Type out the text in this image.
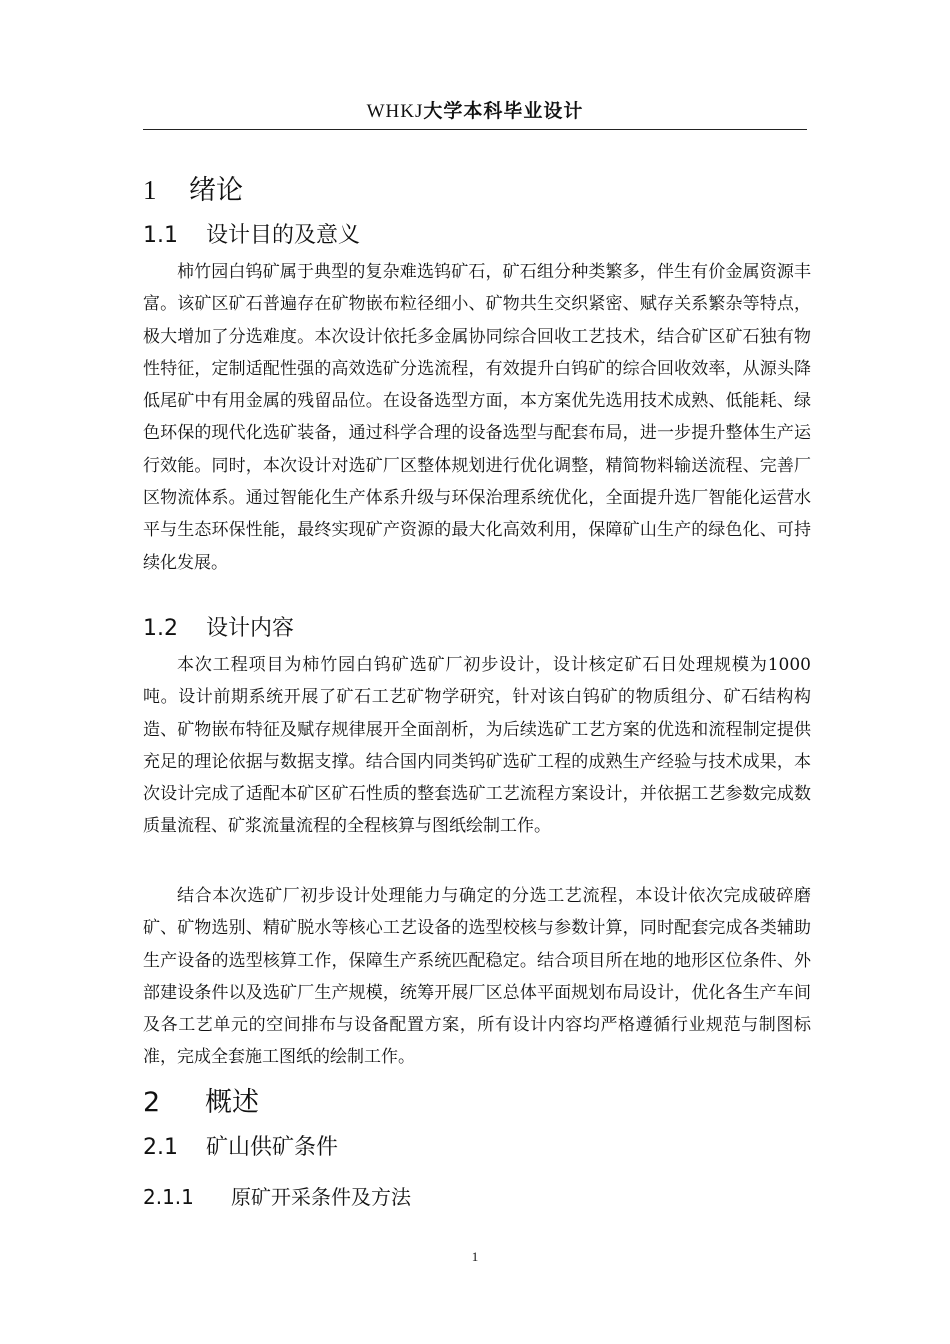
WHKJ大学本科毕业设计
1 绪论
1.1 设计目的及意义

柿竹园白钨矿属于典型的复杂难选钨矿石，矿石组分种类繁多，伴生有价金属资源丰富。该矿区矿石普遍存在矿物嵌布粒径细小、矿物共生交织紧密、赋存关系繁杂等特点，极大增加了分选难度。本次设计依托多金属协同综合回收工艺技术，结合矿区矿石独有物性特征，定制适配性强的高效选矿分选流程，有效提升白钨矿的综合回收效率，从源头降低尾矿中有用金属的残留品位。在设备选型方面，本方案优先选用技术成熟、低能耗、绿色环保的现代化选矿装备，通过科学合理的设备选型与配套布局，进一步提升整体生产运行效能。同时，本次设计对选矿厂区整体规划进行优化调整，精简物料输送流程、完善厂区物流体系。通过智能化生产体系升级与环保治理系统优化，全面提升选厂智能化运营水平与生态环保性能，最终实现矿产资源的最大化高效利用，保障矿山生产的绿色化、可持续化发展。

1.2 设计内容

本次工程项目为柿竹园白钨矿选矿厂初步设计，设计核定矿石日处理规模为1000吨。设计前期系统开展了矿石工艺矿物学研究，针对该白钨矿的物质组分、矿石结构构造、矿物嵌布特征及赋存规律展开全面剖析，为后续选矿工艺方案的优选和流程制定提供充足的理论依据与数据支撑。结合国内同类钨矿选矿工程的成熟生产经验与技术成果，本次设计完成了适配本矿区矿石性质的整套选矿工艺流程方案设计，并依据工艺参数完成数质量流程、矿浆流量流程的全程核算与图纸绘制工作。

结合本次选矿厂初步设计处理能力与确定的分选工艺流程，本设计依次完成破碎磨矿、矿物选别、精矿脱水等核心工艺设备的选型校核与参数计算，同时配套完成各类辅助生产设备的选型核算工作，保障生产系统匹配稳定。结合项目所在地的地形区位条件、外部建设条件以及选矿厂生产规模，统筹开展厂区总体平面规划布局设计，优化各生产车间及各工艺单元的空间排布与设备配置方案，所有设计内容均严格遵循行业规范与制图标准，完成全套施工图纸的绘制工作。

2 概述
2.1 矿山供矿条件
2.1.1 原矿开采条件及方法
1
